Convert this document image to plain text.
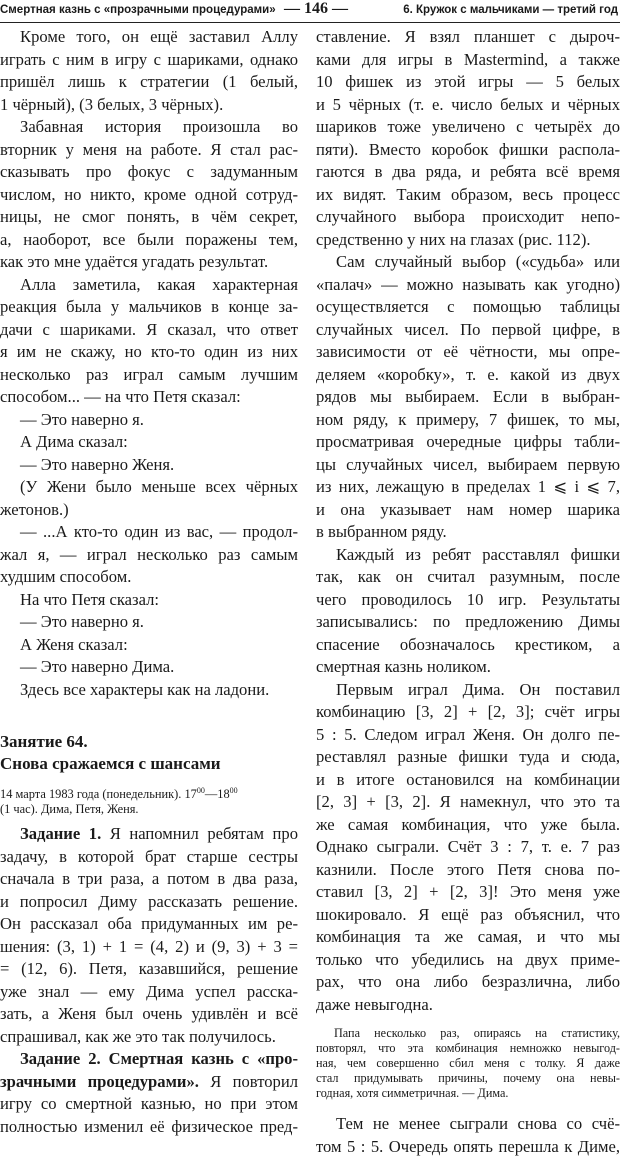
Смертная казнь с «прозрачными процедурами» — 146 —	6. Кружок с мальчиками — третий год
Кроме того, он ещё заставил Аллу
играть с ним в игру с шариками, однако
пришёл лишь к стратегии (1 белый,
1 чёрный), (3 белых, 3 чёрных).
Забавная история произошла во
вторник у меня на работе. Я стал рас-
сказывать про фокус с задуманным
числом, но никто, кроме одной сотруд-
ницы, не смог понять, в чём секрет,
а, наоборот, все были поражены тем,
как это мне удаётся угадать результат.
Алла заметила, какая характерная
реакция была у мальчиков в конце за-
дачи с шариками. Я сказал, что ответ
я им не скажу, но кто-то один из них
несколько раз играл самым лучшим
способом... — на что Петя сказал:
— Это наверно я.
А Дима сказал:
— Это наверно Женя.
(У Жени было меньше всех чёрных
жетонов.)
— ...А кто-то один из вас, — продол-
жал я, — играл несколько раз самым
худшим способом.
На что Петя сказал:
— Это наверно я.
А Женя сказал:
— Это наверно Дима.
Здесь все характеры как на ладони.
Занятие 64.
Снова сражаемся с шансами
14 марта 1983 года (понедельник). $17^{00}—18^{00}$
(1 час). Дима, Петя, Женя.
Задание 1. Я напомнил ребятам про
задачу, в которой брат старше сестры
сначала в три раза, а потом в два раза,
и попросил Диму рассказать решение.
Он рассказал оба придуманных им ре-
шения: (3, 1) + 1 = (4, 2) и (9, 3) + 3 =
= (12, 6). Петя, казавшийся, решение
уже знал — ему Дима успел расска-
зать, а Женя был очень удивлён и всё
спрашивал, как же это так получилось.
Задание 2. Смертная казнь с «про-
зрачными процедурами». Я повторил
игру со смертной казнью, но при этом
полностью изменил её физическое пред-
ставление. Я взял планшет с дырoч-
ками для игры в Mastermind, а также
10 фишек из этой игры — 5 белых
и 5 чёрных (т. е. число белых и чёрных
шариков тоже увеличено с четырёх до
пяти). Вместо коробок фишки распола-
гаются в два ряда, и ребята всё время
их видят. Таким образом, весь процесс
случайного выбора происходит непо-
средственно у них на глазах (рис. 112).
Сам случайный выбор («судьба» или
«палач» — можно называть как угодно)
осуществляется с помощью таблицы
случайных чисел. По первой цифре, в
зависимости от её чётности, мы опре-
деляем «коробку», т. е. какой из двух
рядов мы выбираем. Если в выбран-
ном ряду, к примеру, 7 фишек, то мы,
просматривая очередные цифры табли-
цы случайных чисел, выбираем первую
из них, лежащую в пределах 1 ⩽ i ⩽ 7,
и она указывает нам номер шарика
в выбранном ряду.
Каждый из ребят расставлял фишки
так, как он считал разумным, после
чего проводилось 10 игр. Результаты
записывались: по предложению Димы
спасение обозначалось крестиком, а
смертная казнь ноликом.
Первым играл Дима. Он поставил
комбинацию [3, 2] + [2, 3]; счёт игры
5 : 5. Следом играл Женя. Он долго пе-
реставлял разные фишки туда и сюда,
и в итоге остановился на комбинации
[2, 3] + [3, 2]. Я намекнул, что это та
же самая комбинация, что уже была.
Однако сыграли. Счёт 3 : 7, т. е. 7 раз
казнили. После этого Петя снова по-
ставил [3, 2] + [2, 3]! Это меня уже
шокировало. Я ещё раз объяснил, что
комбинация та же самая, и что мы
только что убедились на двух приме-
рах, что она либо безразлична, либо
даже невыгодна.
Папа несколько раз, опираясь на статистику,
повторял, что эта комбинация немножко невыгод-
ная, чем совершенно сбил меня с толку. Я даже
стал придумывать причины, почему она невы-
годная, хотя симметричная. — Дима.
Тем не менее сыграли снова со счё-
том 5 : 5. Очередь опять перешла к Диме,
